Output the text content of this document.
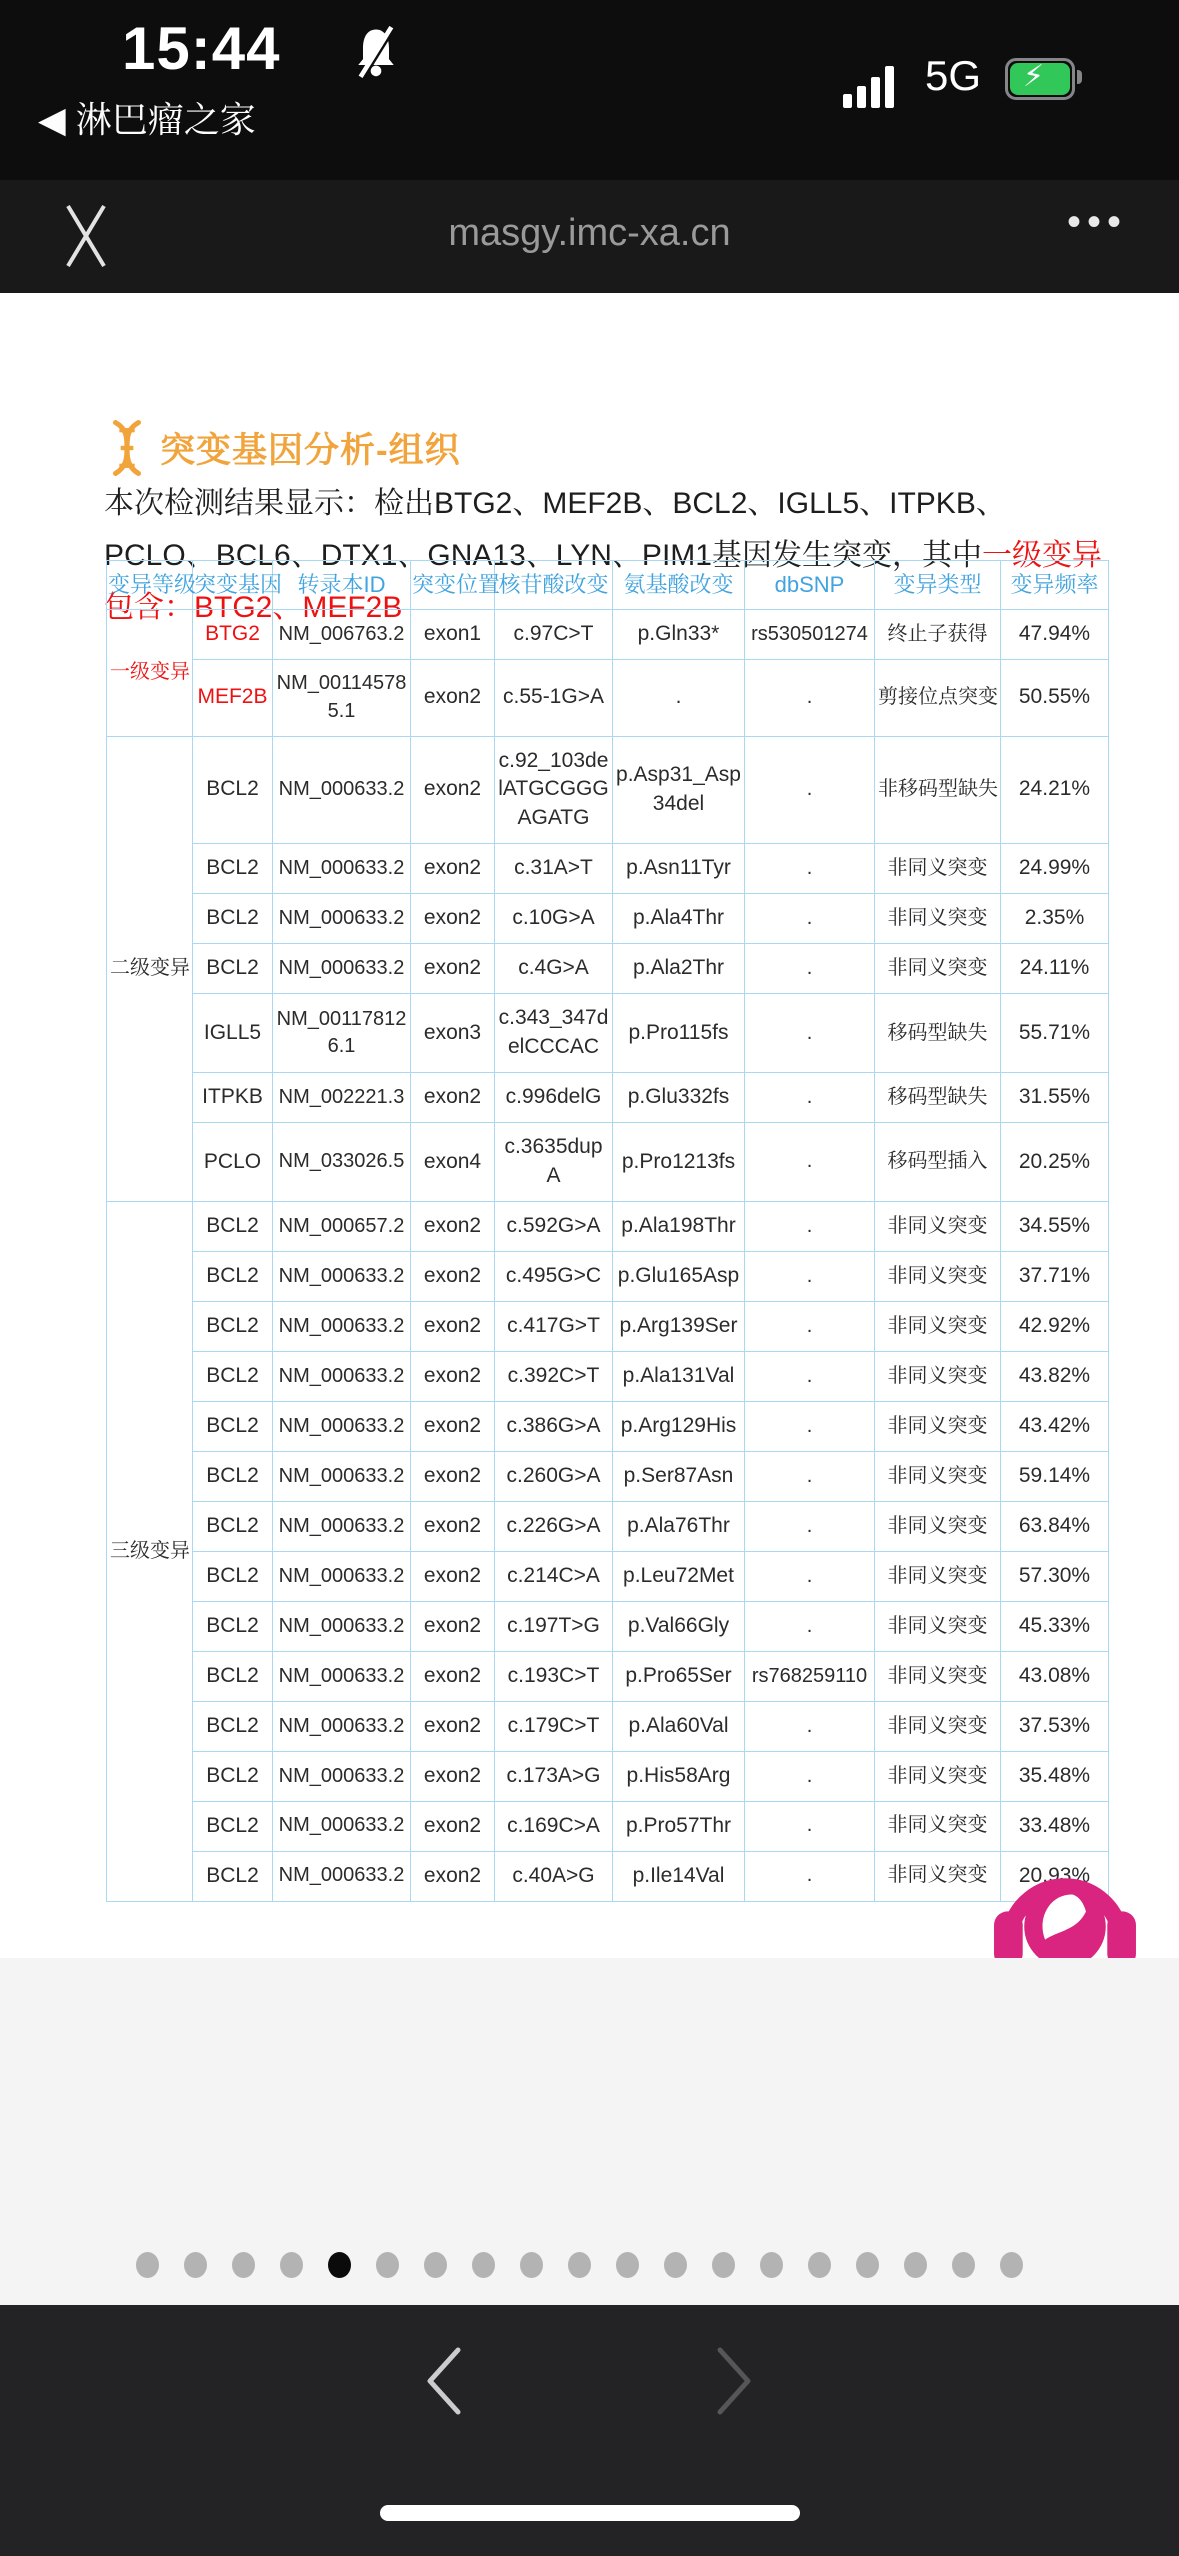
15:44
◀ 淋巴瘤之家
5G ⚡
masgy.imc-xa.cn	•••
突变基因分析-组织
本次检测结果显示：检出BTG2、MEF2B、BCL2、IGLL5、ITPKB、PCLO、BCL6、DTX1、GNA13、LYN、PIM1基因发生突变，其中一级变异包含：BTG2、MEF2B
变异等级	突变基因	转录本ID	突变位置	核苷酸改变	氨基酸改变	dbSNP	变异类型	变异频率
一级变异	BTG2	NM_006763.2	exon1	c.97C>T	p.Gln33*	rs530501274	终止子获得	47.94%
	MEF2B	NM_001145785.1	exon2	c.55-1G>A	.	.	剪接位点突变	50.55%
二级变异	BCL2	NM_000633.2	exon2	c.92_103delATGCGGGAGATG	p.Asp31_Asp34del	.	非移码型缺失	24.21%
	BCL2	NM_000633.2	exon2	c.31A>T	p.Asn11Tyr	.	非同义突变	24.99%
	BCL2	NM_000633.2	exon2	c.10G>A	p.Ala4Thr	.	非同义突变	2.35%
	BCL2	NM_000633.2	exon2	c.4G>A	p.Ala2Thr	.	非同义突变	24.11%
	IGLL5	NM_001178126.1	exon3	c.343_347delCCCAC	p.Pro115fs	.	移码型缺失	55.71%
	ITPKB	NM_002221.3	exon2	c.996delG	p.Glu332fs	.	移码型缺失	31.55%
	PCLO	NM_033026.5	exon4	c.3635dupA	p.Pro1213fs	.	移码型插入	20.25%
三级变异	BCL2	NM_000657.2	exon2	c.592G>A	p.Ala198Thr	.	非同义突变	34.55%
	BCL2	NM_000633.2	exon2	c.495G>C	p.Glu165Asp	.	非同义突变	37.71%
	BCL2	NM_000633.2	exon2	c.417G>T	p.Arg139Ser	.	非同义突变	42.92%
	BCL2	NM_000633.2	exon2	c.392C>T	p.Ala131Val	.	非同义突变	43.82%
	BCL2	NM_000633.2	exon2	c.386G>A	p.Arg129His	.	非同义突变	43.42%
	BCL2	NM_000633.2	exon2	c.260G>A	p.Ser87Asn	.	非同义突变	59.14%
	BCL2	NM_000633.2	exon2	c.226G>A	p.Ala76Thr	.	非同义突变	63.84%
	BCL2	NM_000633.2	exon2	c.214C>A	p.Leu72Met	.	非同义突变	57.30%
	BCL2	NM_000633.2	exon2	c.197T>G	p.Val66Gly	.	非同义突变	45.33%
	BCL2	NM_000633.2	exon2	c.193C>T	p.Pro65Ser	rs768259110	非同义突变	43.08%
	BCL2	NM_000633.2	exon2	c.179C>T	p.Ala60Val	.	非同义突变	37.53%
	BCL2	NM_000633.2	exon2	c.173A>G	p.His58Arg	.	非同义突变	35.48%
	BCL2	NM_000633.2	exon2	c.169C>A	p.Pro57Thr	.	非同义突变	33.48%
	BCL2	NM_000633.2	exon2	c.40A>G	p.Ile14Val	.	非同义突变	20.93%
